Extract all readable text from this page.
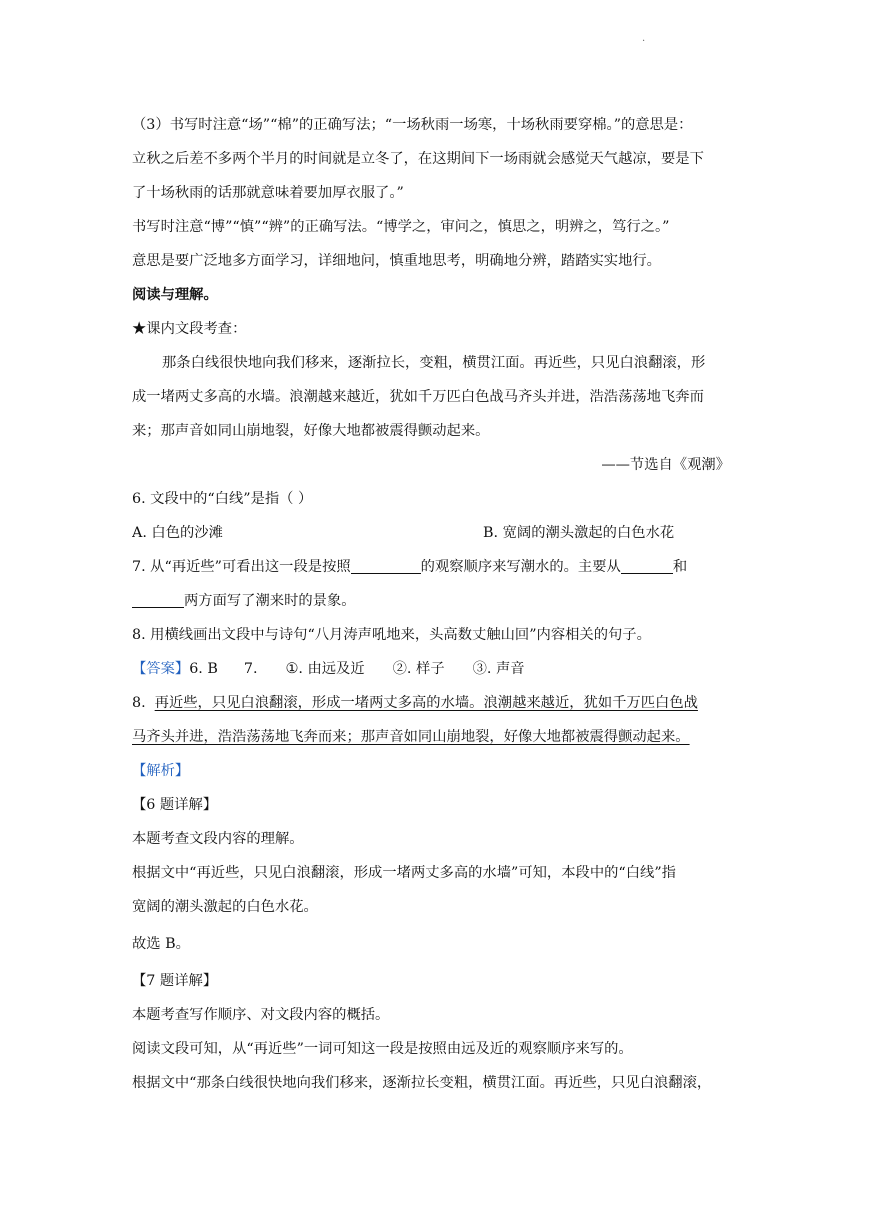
.
（3）书写时注意“场”“棉”的正确写法；“一场秋雨一场寒，十场秋雨要穿棉。”的意思是：
立秋之后差不多两个半月的时间就是立冬了，在这期间下一场雨就会感觉天气越凉，要是下
了十场秋雨的话那就意味着要加厚衣服了。”
书写时注意“博”“慎”“辨”的正确写法。“博学之，审问之，慎思之，明辨之，笃行之。”
意思是要广泛地多方面学习，详细地问，慎重地思考，明确地分辨，踏踏实实地行。
阅读与理解。
★课内文段考查：
那条白线很快地向我们移来，逐渐拉长，变粗，横贯江面。再近些，只见白浪翻滚，形
成一堵两丈多高的水墙。浪潮越来越近，犹如千万匹白色战马齐头并进，浩浩荡荡地飞奔而
来；那声音如同山崩地裂，好像大地都被震得颤动起来。
——节选自《观潮》
6. 文段中的“白线”是指（ ）
A. 白色的沙滩	B. 宽阔的潮头激起的白色水花
7. 从“再近些”可看出这一段是按照	的观察顺序来写潮水的。主要从	和
两方面写了潮来时的景象。
8. 用横线画出文段中与诗句“八月涛声吼地来，头高数丈触山回”内容相关的句子。
【答案】6. B 7. ①. 由远及近 ②. 样子 ③. 声音
8. 再近些，只见白浪翻滚，形成一堵两丈多高的水墙。浪潮越来越近，犹如千万匹白色战
马齐头并进，浩浩荡荡地飞奔而来；那声音如同山崩地裂，好像大地都被震得颤动起来。
【解析】
【6 题详解】
本题考查文段内容的理解。
根据文中“再近些，只见白浪翻滚，形成一堵两丈多高的水墙”可知，本段中的“白线”指
宽阔的潮头激起的白色水花。
故选 B。
【7 题详解】
本题考查写作顺序、对文段内容的概括。
阅读文段可知，从“再近些”一词可知这一段是按照由远及近的观察顺序来写的。
根据文中“那条白线很快地向我们移来，逐渐拉长变粗，横贯江面。再近些，只见白浪翻滚，
